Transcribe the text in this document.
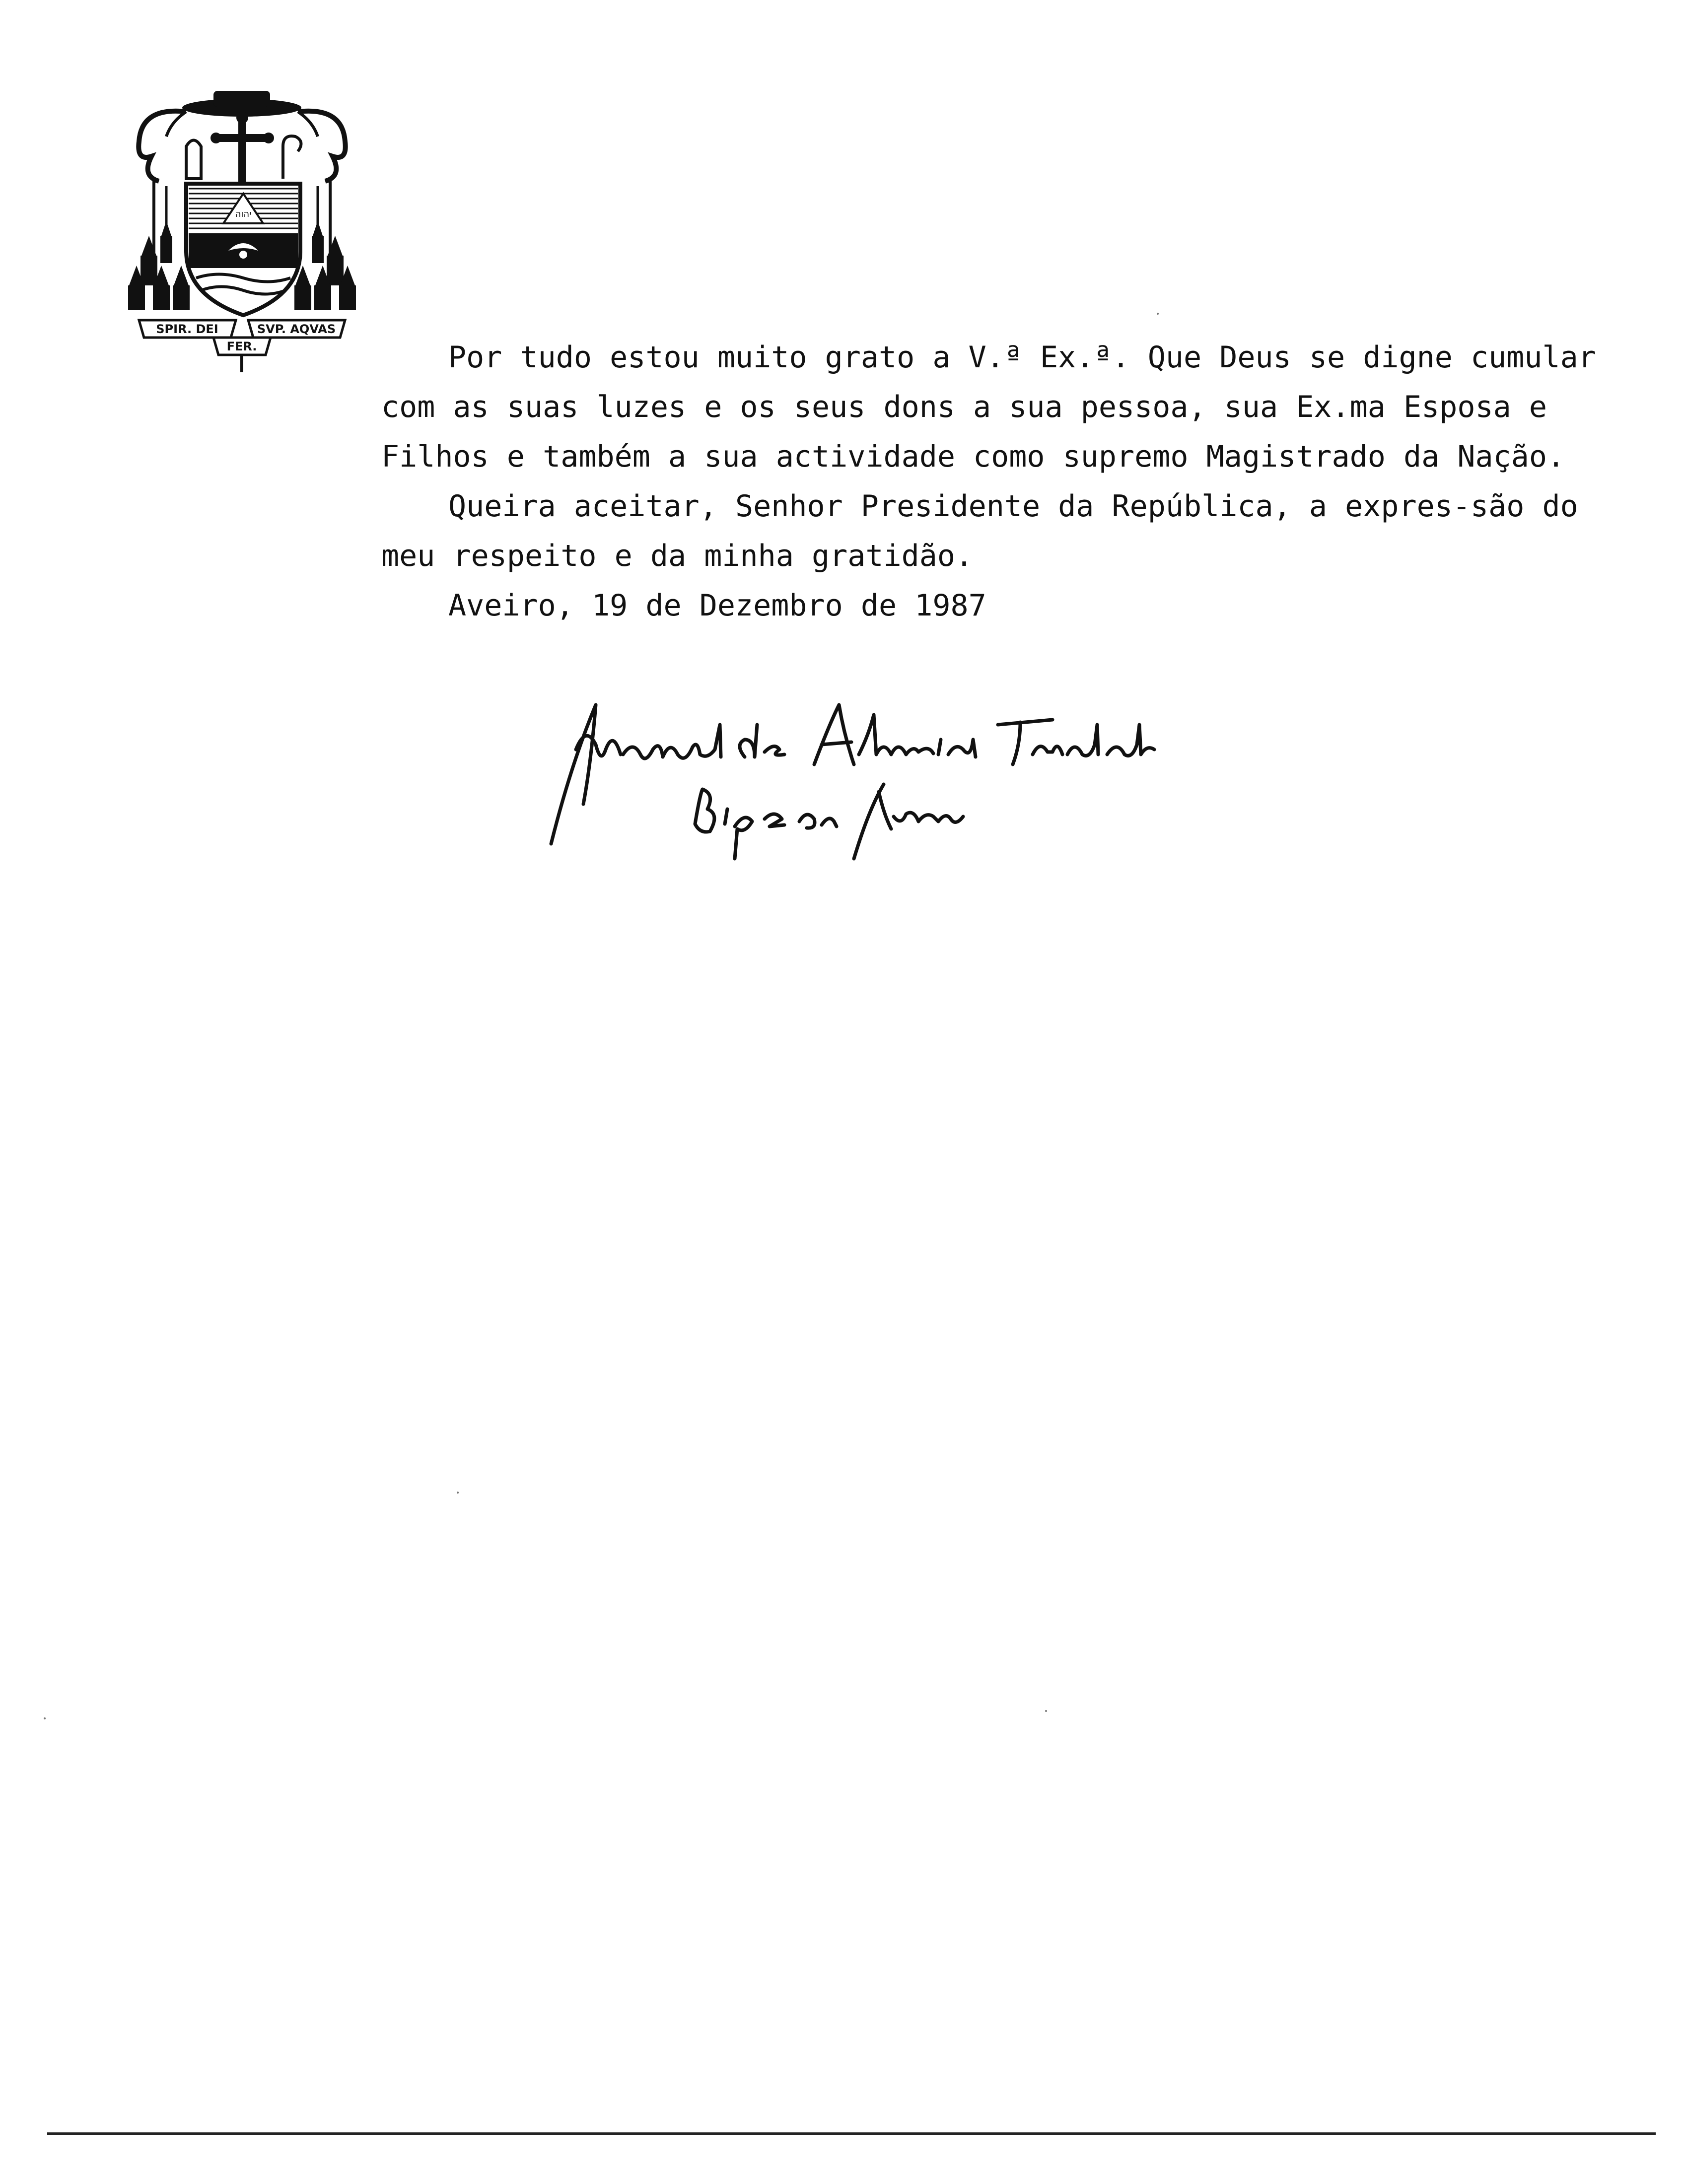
יהוה
SPIR. DEI	SVP. AQVAS
FER.	Por tudo estou muito grato a V.ª Ex.ª. Que Deus se digne cumular com as suas luzes e os seus dons a sua pessoa, sua Ex.ma Esposa e Filhos e também a sua actividade como supremo Magistrado da Nação.

Queira aceitar, Senhor Presidente da República, a expres-são do meu respeito e da minha gratidão.

Aveiro, 19 de Dezembro de 1987
